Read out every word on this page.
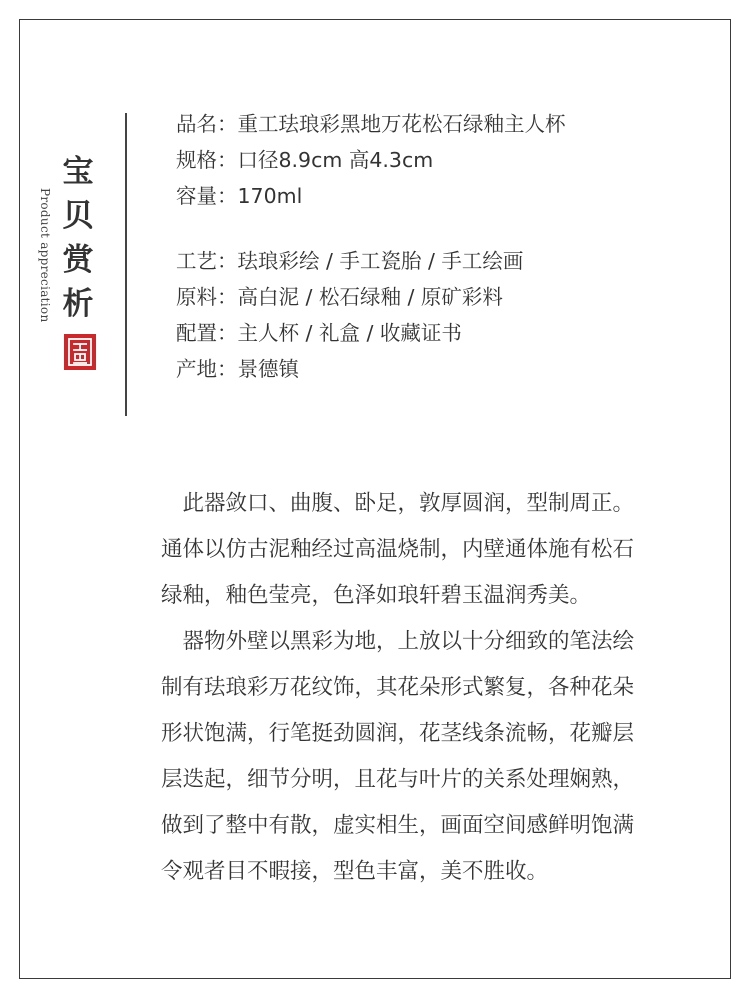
宝
贝
赏
析
Product appreciation
品名：重工珐琅彩黑地万花松石绿釉主人杯
规格：口径8.9cm 高4.3cm
容量：170ml
工艺：珐琅彩绘 / 手工瓷胎 / 手工绘画
原料：高白泥 / 松石绿釉 / 原矿彩料
配置：主人杯 / 礼盒 / 收藏证书
产地：景德镇
　此器敛口、曲腹、卧足，敦厚圆润，型制周正。
通体以仿古泥釉经过高温烧制，内壁通体施有松石
绿釉，釉色莹亮，色泽如琅轩碧玉温润秀美。
　器物外壁以黑彩为地，上放以十分细致的笔法绘
制有珐琅彩万花纹饰，其花朵形式繁复，各种花朵
形状饱满，行笔挺劲圆润，花茎线条流畅，花瓣层
层迭起，细节分明，且花与叶片的关系处理娴熟，
做到了整中有散，虚实相生，画面空间感鲜明饱满
令观者目不暇接，型色丰富，美不胜收。
